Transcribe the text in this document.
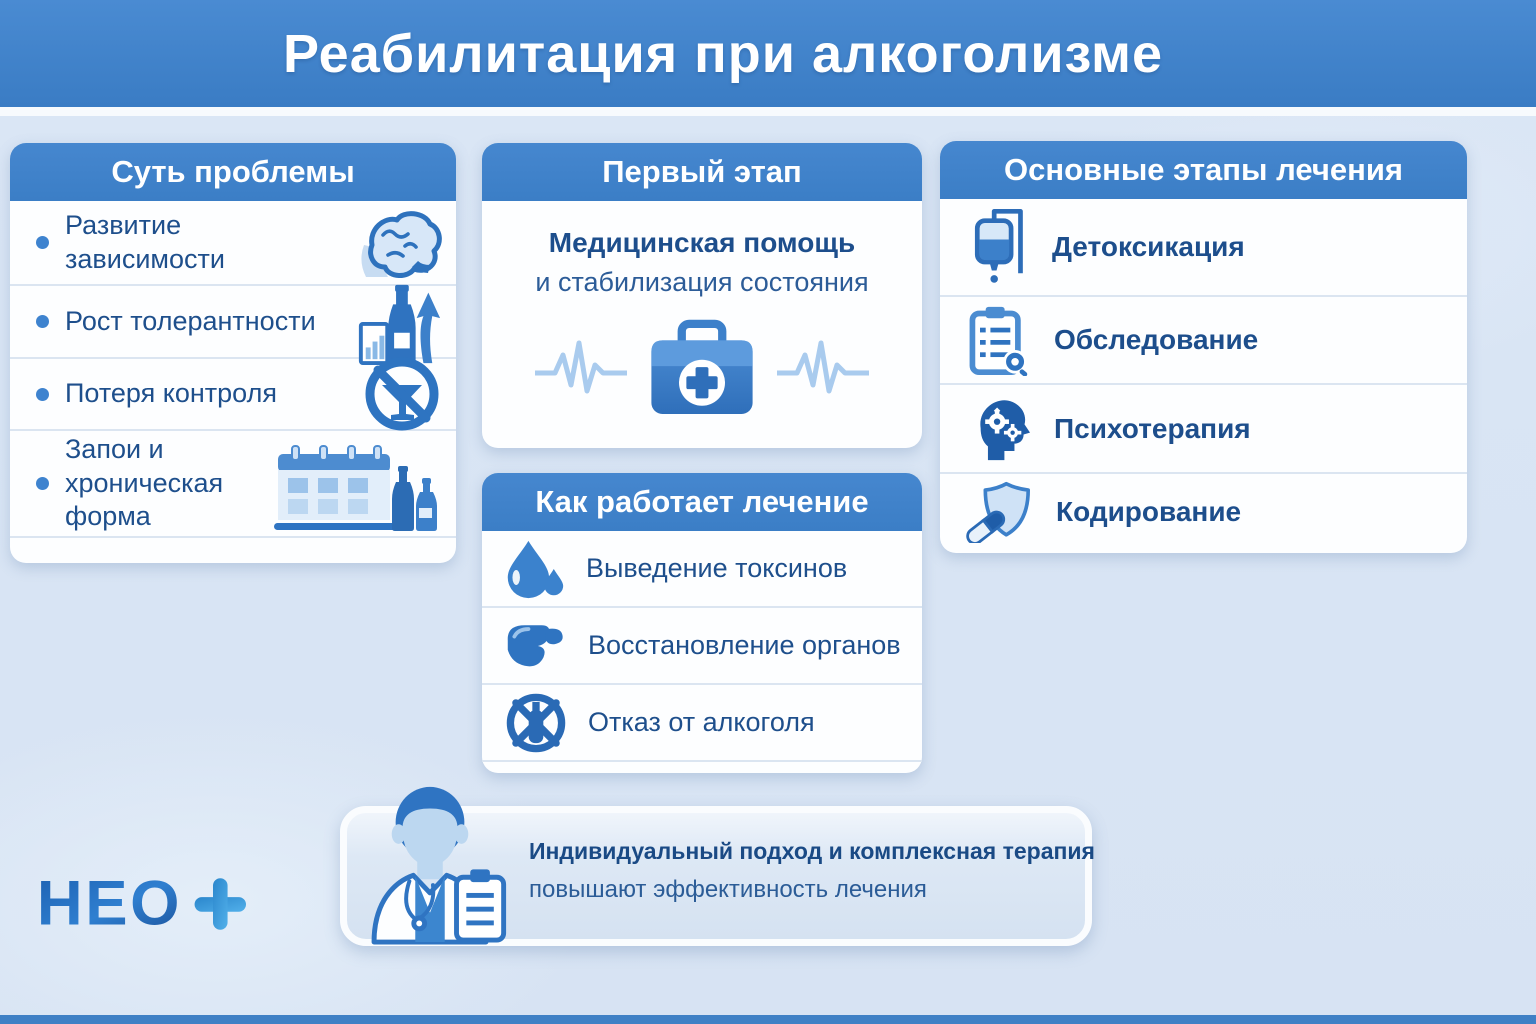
Реабилитация при алкоголизме
Суть проблемы
Развитие зависимости
Рост толерантности
Потеря контроля
Запои и хроническая форма
Первый этап
Медицинская помощь
и стабилизация состояния
Как работает лечение
Выведение токсинов
Восстановление органов
Отказ от алкоголя
Основные этапы лечения
Детоксикация
Обследование
Психотерапия
Кодирование
Индивидуальный подход и комплексная терапия
повышают эффективность лечения
НЕО
